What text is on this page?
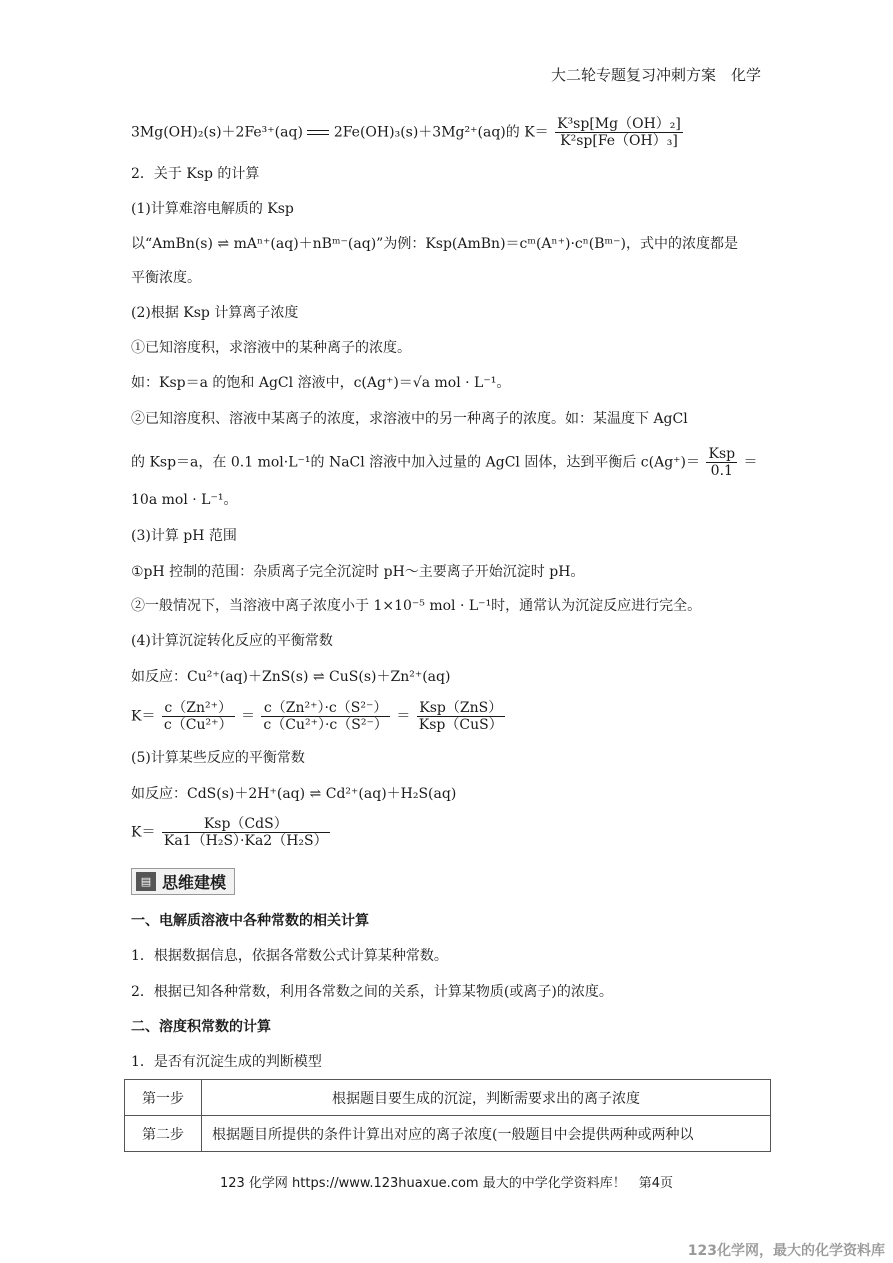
大二轮专题复习冲刺方案　化学
3Mg(OH)₂(s)＋2Fe³⁺(aq) 2Fe(OH)₃(s)＋3Mg²⁺(aq)的 $K= \frac{\text{K³sp[Mg（OH）₂]}}{\text{K²sp[Fe（OH）₃]}}$
2．关于 Ksp 的计算
(1)计算难溶电解质的 Ksp
以“AmBn(s) ⇌ mAⁿ⁺(aq)＋nBᵐ⁻(aq)”为例：Ksp(AmBn)＝cᵐ(Aⁿ⁺)·cⁿ(Bᵐ⁻)，式中的浓度都是
平衡浓度。
(2)根据 Ksp 计算离子浓度
①已知溶度积，求溶液中的某种离子的浓度。
如：Ksp＝a 的饱和 AgCl 溶液中，c(Ag⁺)＝√a mol · L⁻¹。
②已知溶度积、溶液中某离子的浓度，求溶液中的另一种离子的浓度。如：某温度下 AgCl
的 Ksp＝a，在 0.1 mol·L⁻¹的 NaCl 溶液中加入过量的 AgCl 固体，达到平衡后 $c(Ag^+)= \frac{\text{Ksp}}{0.1}$ ＝
10a mol · L⁻¹。
(3)计算 pH 范围
①pH 控制的范围：杂质离子完全沉淀时 pH～主要离子开始沉淀时 pH。
②一般情况下，当溶液中离子浓度小于 1×10⁻⁵ mol · L⁻¹时，通常认为沉淀反应进行完全。
(4)计算沉淀转化反应的平衡常数
如反应：Cu²⁺(aq)＋ZnS(s) ⇌ CuS(s)＋Zn²⁺(aq)
$K= \frac{\text{c（Zn²⁺）}}{\text{c（Cu²⁺）}} = \frac{\text{c（Zn²⁺）·c（S²⁻）}}{\text{c（Cu²⁺）·c（S²⁻）}} = \frac{\text{Ksp（ZnS）}}{\text{Ksp（CuS）}}$
(5)计算某些反应的平衡常数
如反应：CdS(s)＋2H⁺(aq) ⇌ Cd²⁺(aq)＋H₂S(aq)
$K= \frac{\text{Ksp（CdS）}}{\text{Ka1（H₂S）·Ka2（H₂S）}}$
▤ 思维建模
一、电解质溶液中各种常数的相关计算
1．根据数据信息，依据各常数公式计算某种常数。
2．根据已知各种常数，利用各常数之间的关系，计算某物质(或离子)的浓度。
二、溶度积常数的计算
1．是否有沉淀生成的判断模型
第一步	根据题目要生成的沉淀，判断需要求出的离子浓度
第二步	根据题目所提供的条件计算出对应的离子浓度(一般题目中会提供两种或两种以
123 化学网 https://www.123huaxue.com 最大的中学化学资料库！　第4页
123化学网，最大的化学资料库
